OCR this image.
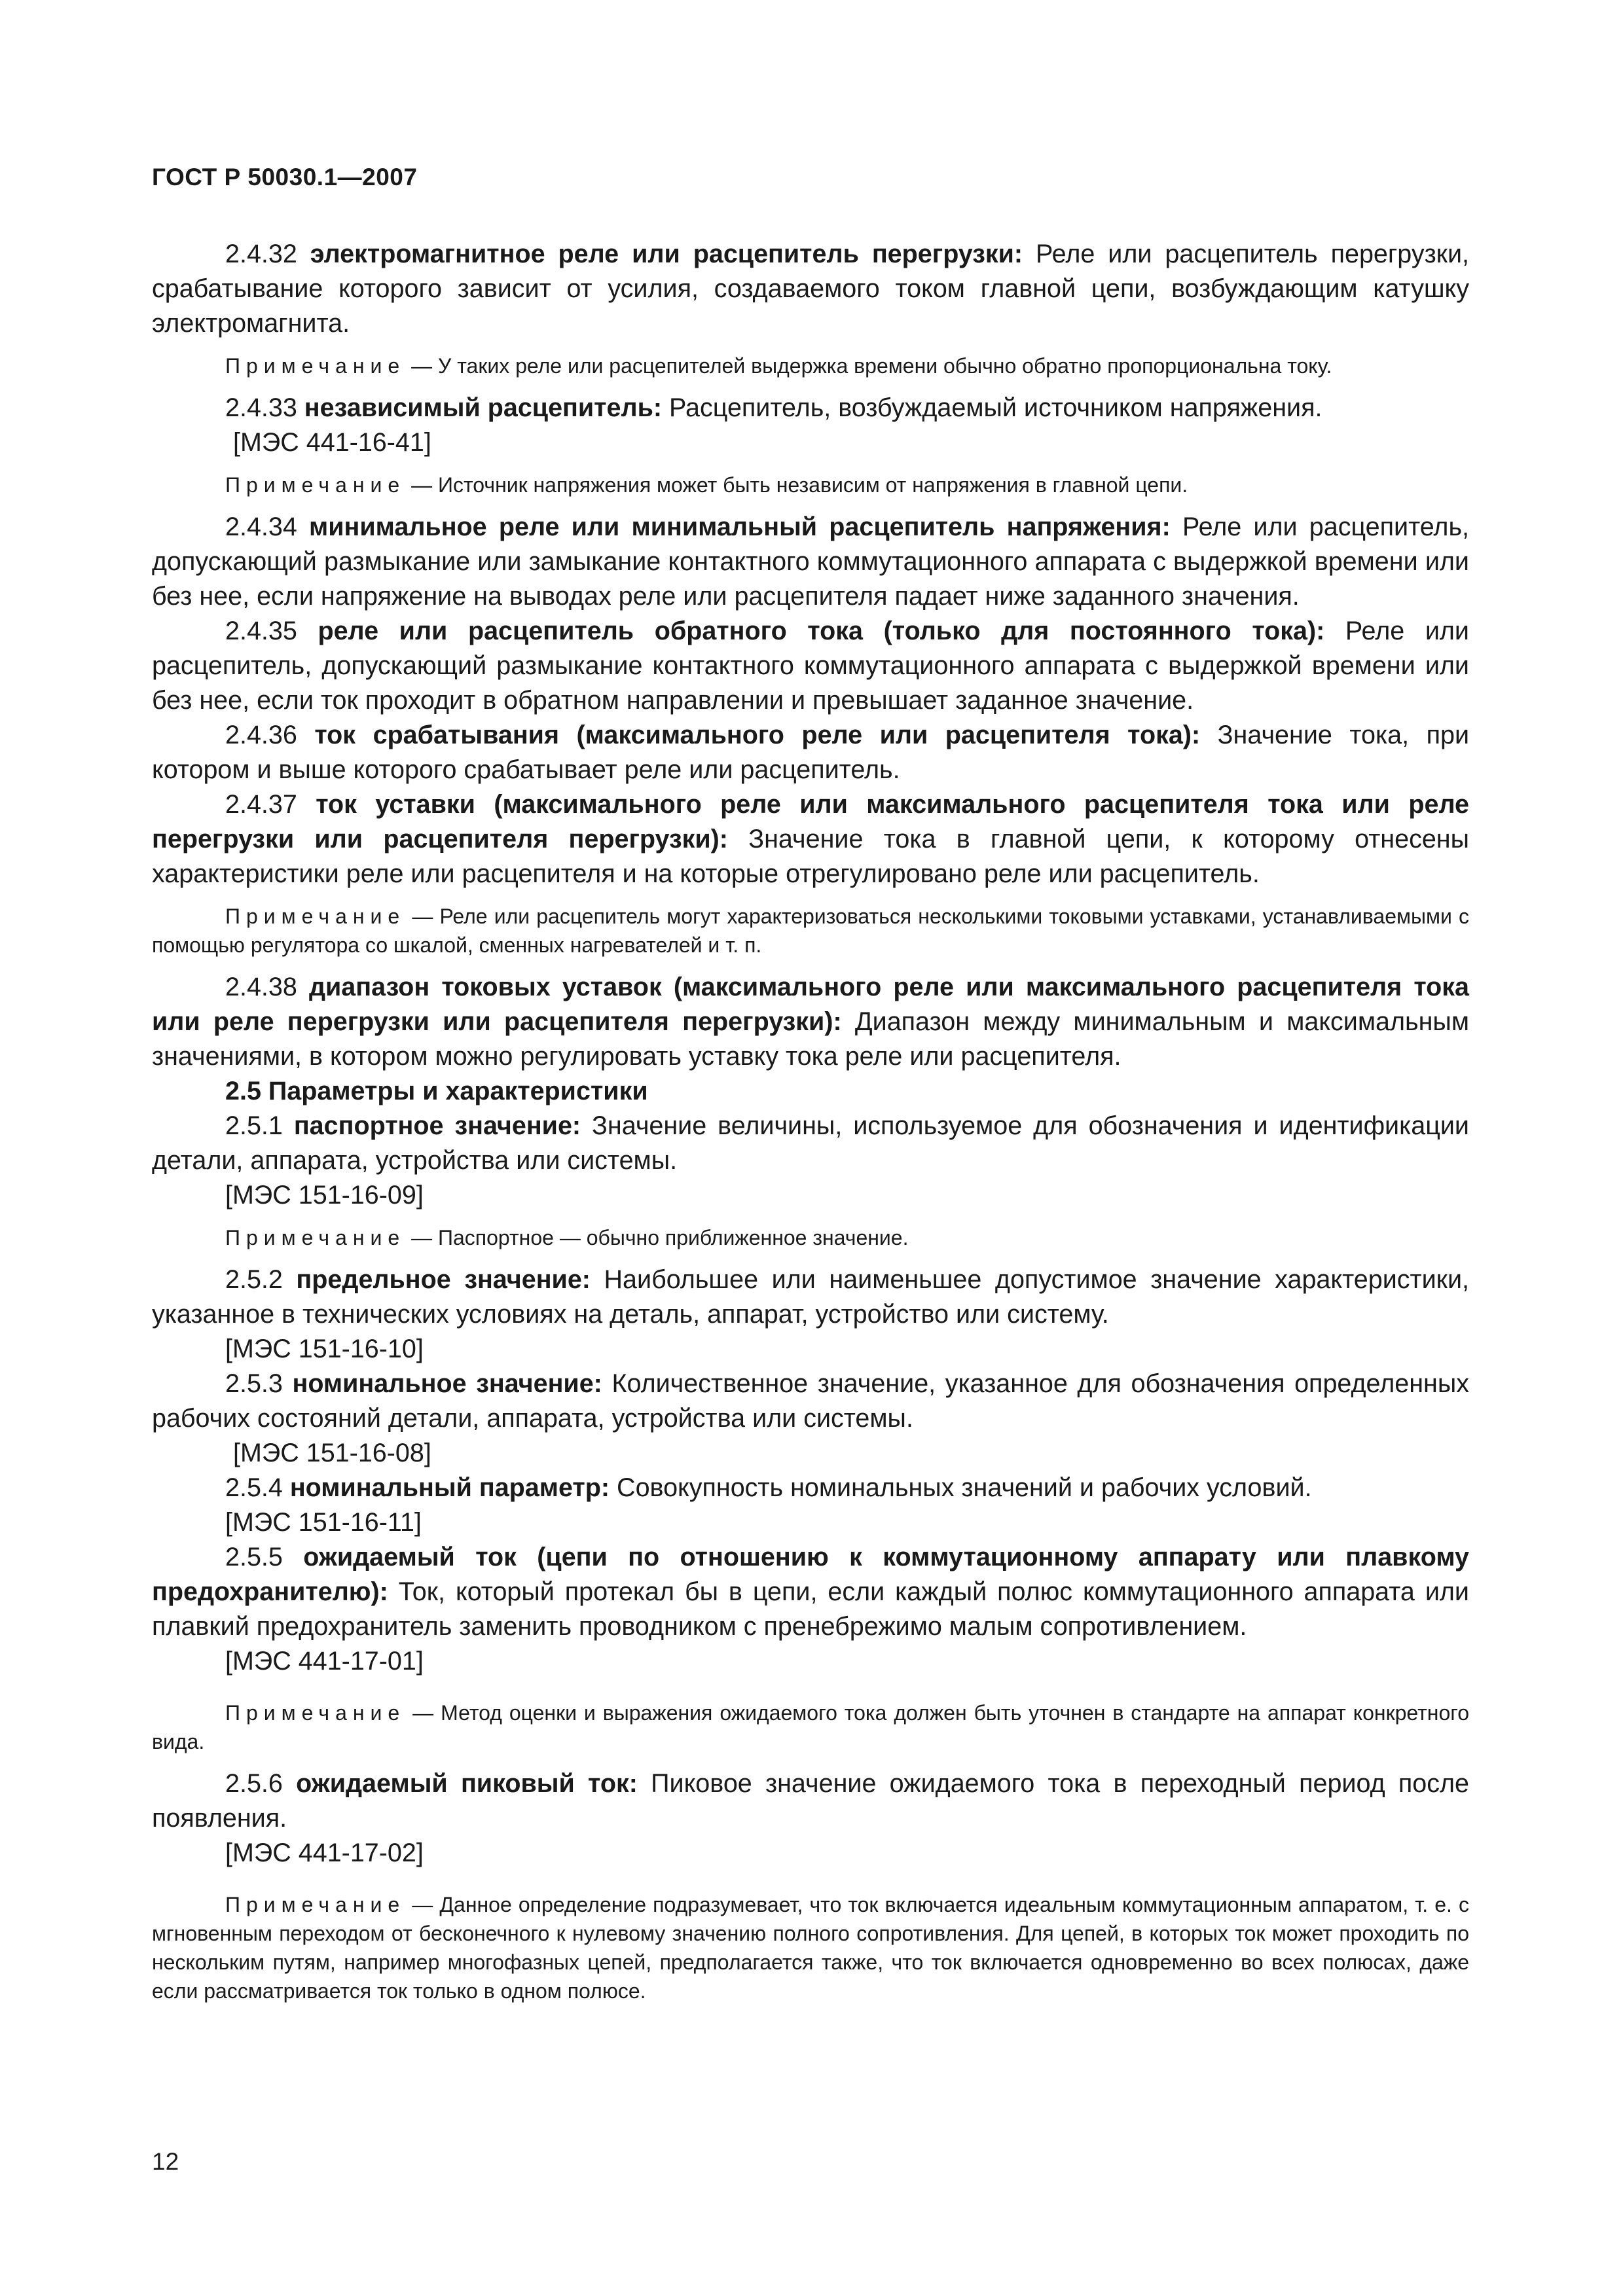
ГОСТ Р 50030.1—2007

2.4.32 электромагнитное реле или расцепитель перегрузки: Реле или расцепитель перегрузки, срабатывание которого зависит от усилия, создаваемого током главной цепи, возбуждающим катушку электромагнита.

Примечание — У таких реле или расцепителей выдержка времени обычно обратно пропорциональна току.

2.4.33 независимый расцепитель: Расцепитель, возбуждаемый источником напряжения.

[МЭС 441-16-41]

Примечание — Источник напряжения может быть независим от напряжения в главной цепи.

2.4.34 минимальное реле или минимальный расцепитель напряжения: Реле или расцепитель, допускающий размыкание или замыкание контактного коммутационного аппарата с выдержкой времени или без нее, если напряжение на выводах реле или расцепителя падает ниже заданного значения.

2.4.35 реле или расцепитель обратного тока (только для постоянного тока): Реле или расцепитель, допускающий размыкание контактного коммутационного аппарата с выдержкой времени или без нее, если ток проходит в обратном направлении и превышает заданное значение.

2.4.36 ток срабатывания (максимального реле или расцепителя тока): Значение тока, при котором и выше которого срабатывает реле или расцепитель.

2.4.37 ток уставки (максимального реле или максимального расцепителя тока или реле перегрузки или расцепителя перегрузки): Значение тока в главной цепи, к которому отнесены характеристики реле или расцепителя и на которые отрегулировано реле или расцепитель.

Примечание — Реле или расцепитель могут характеризоваться несколькими токовыми уставками, устанавливаемыми с помощью регулятора со шкалой, сменных нагревателей и т. п.

2.4.38 диапазон токовых уставок (максимального реле или максимального расцепителя тока или реле перегрузки или расцепителя перегрузки): Диапазон между минимальным и максимальным значениями, в котором можно регулировать уставку тока реле или расцепителя.

2.5 Параметры и характеристики

2.5.1 паспортное значение: Значение величины, используемое для обозначения и идентификации детали, аппарата, устройства или системы.

[МЭС 151-16-09]

Примечание — Паспортное — обычно приближенное значение.

2.5.2 предельное значение: Наибольшее или наименьшее допустимое значение характеристики, указанное в технических условиях на деталь, аппарат, устройство или систему.

[МЭС 151-16-10]

2.5.3 номинальное значение: Количественное значение, указанное для обозначения определенных рабочих состояний детали, аппарата, устройства или системы.

[МЭС 151-16-08]

2.5.4 номинальный параметр: Совокупность номинальных значений и рабочих условий.

[МЭС 151-16-11]

2.5.5 ожидаемый ток (цепи по отношению к коммутационному аппарату или плавкому предохранителю): Ток, который протекал бы в цепи, если каждый полюс коммутационного аппарата или плавкий предохранитель заменить проводником с пренебрежимо малым сопротивлением.

[МЭС 441-17-01]

Примечание — Метод оценки и выражения ожидаемого тока должен быть уточнен в стандарте на аппарат конкретного вида.

2.5.6 ожидаемый пиковый ток: Пиковое значение ожидаемого тока в переходный период после появления.

[МЭС 441-17-02]

Примечание — Данное определение подразумевает, что ток включается идеальным коммутационным аппаратом, т. е. с мгновенным переходом от бесконечного к нулевому значению полного сопротивления. Для цепей, в которых ток может проходить по нескольким путям, например многофазных цепей, предполагается также, что ток включается одновременно во всех полюсах, даже если рассматривается ток только в одном полюсе.

12
